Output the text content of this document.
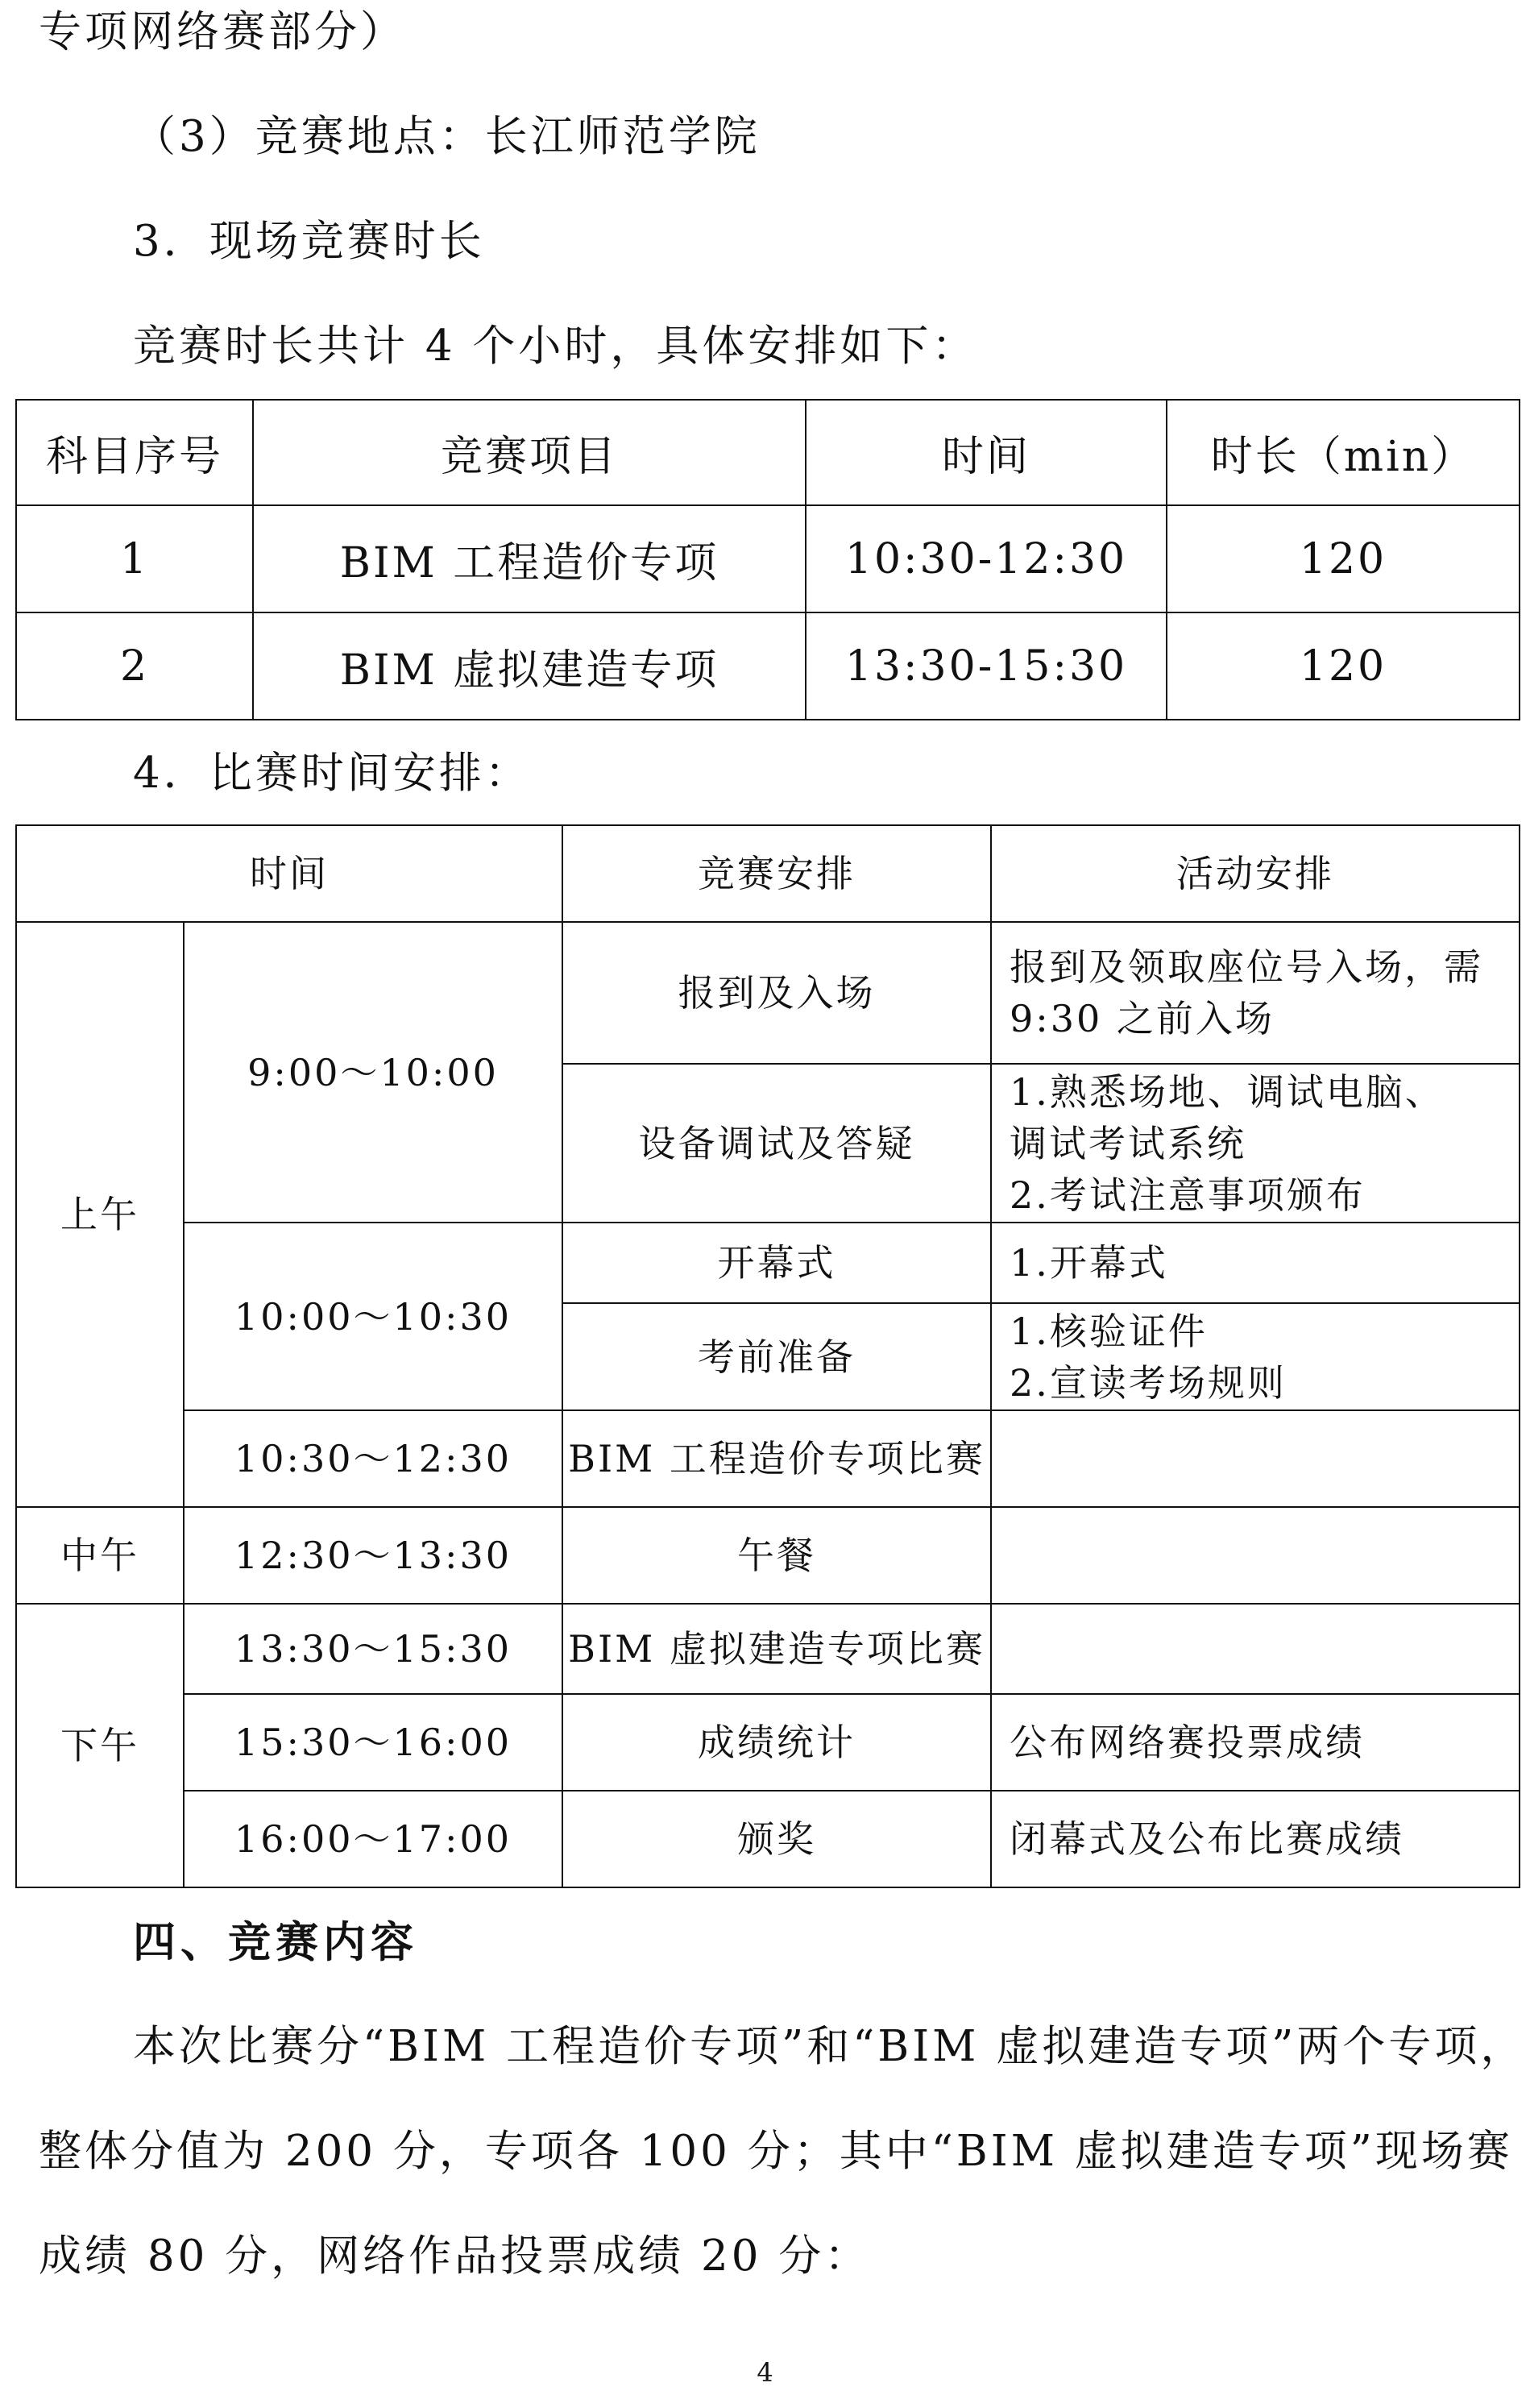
专项网络赛部分）

（3）竞赛地点：长江师范学院

3．现场竞赛时长

竞赛时长共计 4 个小时，具体安排如下：

科目序号	竞赛项目	时间	时长（min）
1	BIM 工程造价专项	10:30-12:30	120
2	BIM 虚拟建造专项	13:30-15:30	120

4．比赛时间安排：

时间		竞赛安排	活动安排
上午	9:00～10:00	报到及入场	报到及领取座位号入场，需
9:30 之前入场

		设备调试及答疑	1.熟悉场地、调试电脑、
调试考试系统
2.考试注意事项颁布

	10:00～10:30	开幕式	1.开幕式

		考前准备	1.核验证件
2.宣读考场规则

	10:30～12:30	BIM 工程造价专项比赛	
中午	12:30～13:30	午餐	
下午	13:30～15:30	BIM 虚拟建造专项比赛	
	15:30～16:00	成绩统计	公布网络赛投票成绩
	16:00～17:00	颁奖	闭幕式及公布比赛成绩

四、竞赛内容

本次比赛分“BIM 工程造价专项”和“BIM 虚拟建造专项”两个专项，

整体分值为 200 分，专项各 100 分；其中“BIM 虚拟建造专项”现场赛

成绩 80 分，网络作品投票成绩 20 分：

4
